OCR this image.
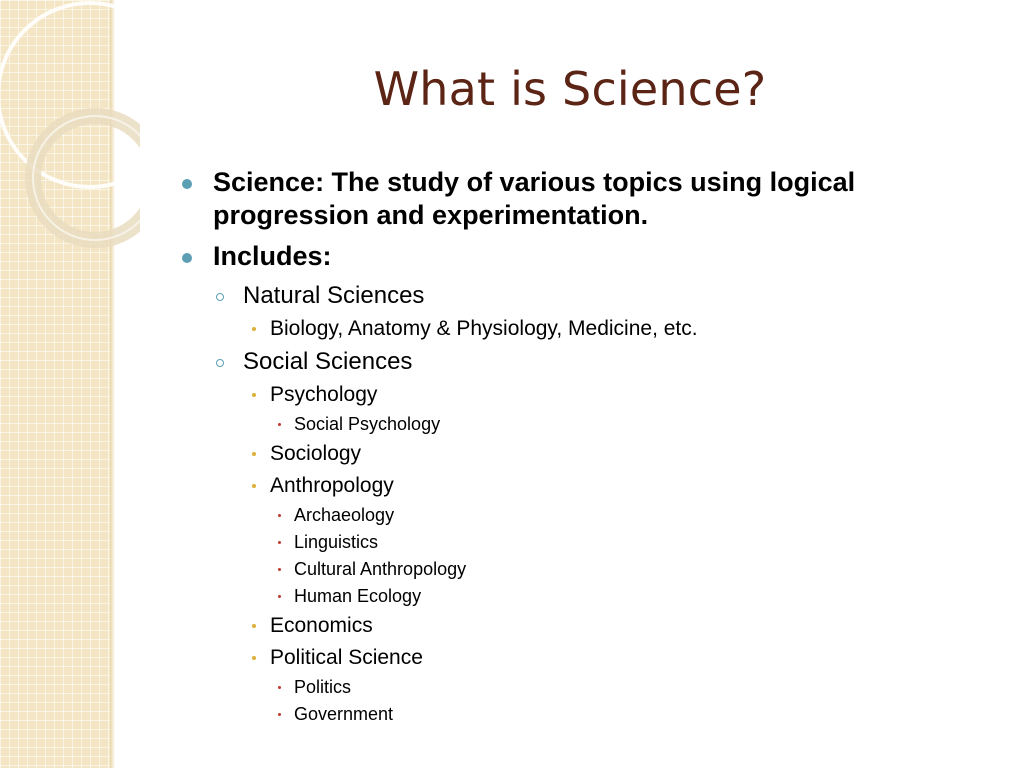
What is Science?
Science: The study of various topics using logical progression and experimentation.
Includes:
Natural Sciences
Biology, Anatomy & Physiology, Medicine, etc.
Social Sciences
Psychology
Social Psychology
Sociology
Anthropology
Archaeology
Linguistics
Cultural Anthropology
Human Ecology
Economics
Political Science
Politics
Government
